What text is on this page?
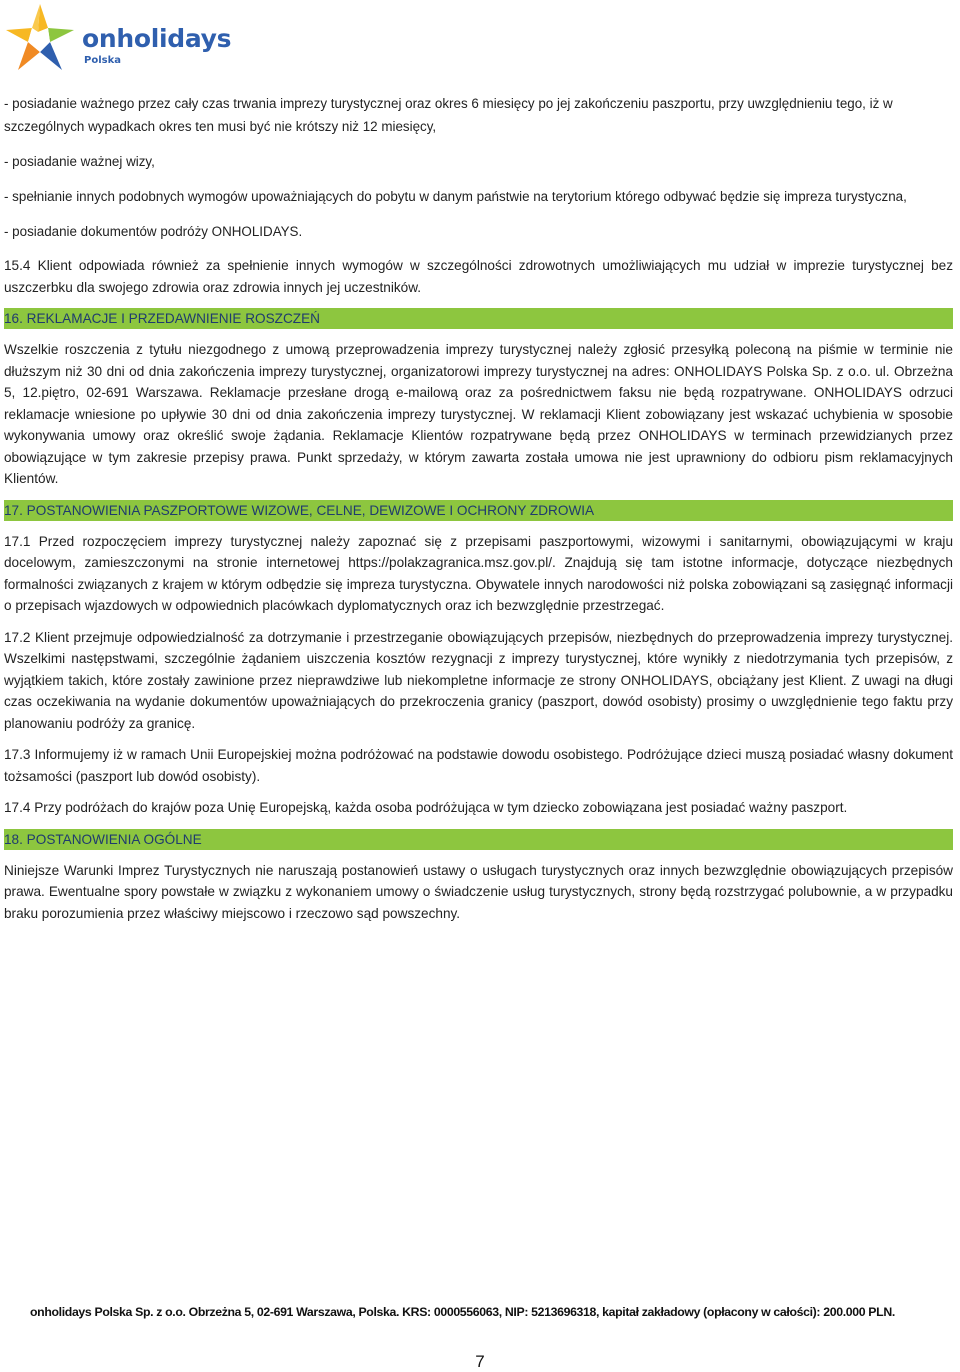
onholidays
Polska

- posiadanie ważnego przez cały czas trwania imprezy turystycznej oraz okres 6 miesięcy po jej zakończeniu paszportu, przy uwzględnieniu tego, iż w szczególnych wypadkach okres ten musi być nie krótszy niż 12 miesięcy,

- posiadanie ważnej wizy,

- spełnianie innych podobnych wymogów upoważniających do pobytu w danym państwie na terytorium którego odbywać będzie się impreza turystyczna,

- posiadanie dokumentów podróży ONHOLIDAYS.

15.4 Klient odpowiada również za spełnienie innych wymogów w szczególności zdrowotnych umożliwiających mu udział w imprezie turystycznej bez uszczerbku dla swojego zdrowia oraz zdrowia innych jej uczestników.

16. REKLAMACJE I PRZEDAWNIENIE ROSZCZEŃ

Wszelkie roszczenia z tytułu niezgodnego z umową przeprowadzenia imprezy turystycznej należy zgłosić przesyłką poleconą na piśmie w terminie nie dłuższym niż 30 dni od dnia zakończenia imprezy turystycznej, organizatorowi imprezy turystycznej na adres: ONHOLIDAYS Polska Sp. z o.o. ul. Obrzeżna 5, 12.piętro, 02-691 Warszawa. Reklamacje przesłane drogą e-mailową oraz za pośrednictwem faksu nie będą rozpatrywane. ONHOLIDAYS odrzuci reklamacje wniesione po upływie 30 dni od dnia zakończenia imprezy turystycznej. W reklamacji Klient zobowiązany jest wskazać uchybienia w sposobie wykonywania umowy oraz określić swoje żądania. Reklamacje Klientów rozpatrywane będą przez ONHOLIDAYS w terminach przewidzianych przez obowiązujące w tym zakresie przepisy prawa. Punkt sprzedaży, w którym zawarta została umowa nie jest uprawniony do odbioru pism reklamacyjnych Klientów.

17. POSTANOWIENIA PASZPORTOWE WIZOWE, CELNE, DEWIZOWE I OCHRONY ZDROWIA

17.1 Przed rozpoczęciem imprezy turystycznej należy zapoznać się z przepisami paszportowymi, wizowymi i sanitarnymi, obowiązującymi w kraju docelowym, zamieszczonymi na stronie internetowej https://polakzagranica.msz.gov.pl/. Znajdują się tam istotne informacje, dotyczące niezbędnych formalności związanych z krajem w którym odbędzie się impreza turystyczna. Obywatele innych narodowości niż polska zobowiązani są zasięgnąć informacji o przepisach wjazdowych w odpowiednich placówkach dyplomatycznych oraz ich bezwzględnie przestrzegać.

17.2 Klient przejmuje odpowiedzialność za dotrzymanie i przestrzeganie obowiązujących przepisów, niezbędnych do przeprowadzenia imprezy turystycznej. Wszelkimi następstwami, szczególnie żądaniem uiszczenia kosztów rezygnacji z imprezy turystycznej, które wynikły z niedotrzymania tych przepisów, z wyjątkiem takich, które zostały zawinione przez nieprawdziwe lub niekompletne informacje ze strony ONHOLIDAYS, obciążany jest Klient. Z uwagi na długi czas oczekiwania na wydanie dokumentów upoważniających do przekroczenia granicy (paszport, dowód osobisty) prosimy o uwzględnienie tego faktu przy planowaniu podróży za granicę.

17.3 Informujemy iż w ramach Unii Europejskiej można podróżować na podstawie dowodu osobistego. Podróżujące dzieci muszą posiadać własny dokument tożsamości (paszport lub dowód osobisty).

17.4 Przy podróżach do krajów poza Unię Europejską, każda osoba podróżująca w tym dziecko zobowiązana jest posiadać ważny paszport.

18. POSTANOWIENIA OGÓLNE

Niniejsze Warunki Imprez Turystycznych nie naruszają postanowień ustawy o usługach turystycznych oraz innych bezwzględnie obowiązujących przepisów prawa. Ewentualne spory powstałe w związku z wykonaniem umowy o świadczenie usług turystycznych, strony będą rozstrzygać polubownie, a w przypadku braku porozumienia przez właściwy miejscowo i rzeczowo sąd powszechny.

onholidays Polska Sp. z o.o. Obrzeżna 5, 02-691 Warszawa, Polska. KRS: 0000556063, NIP: 5213696318, kapitał zakładowy (opłacony w całości): 200.000 PLN.
7
